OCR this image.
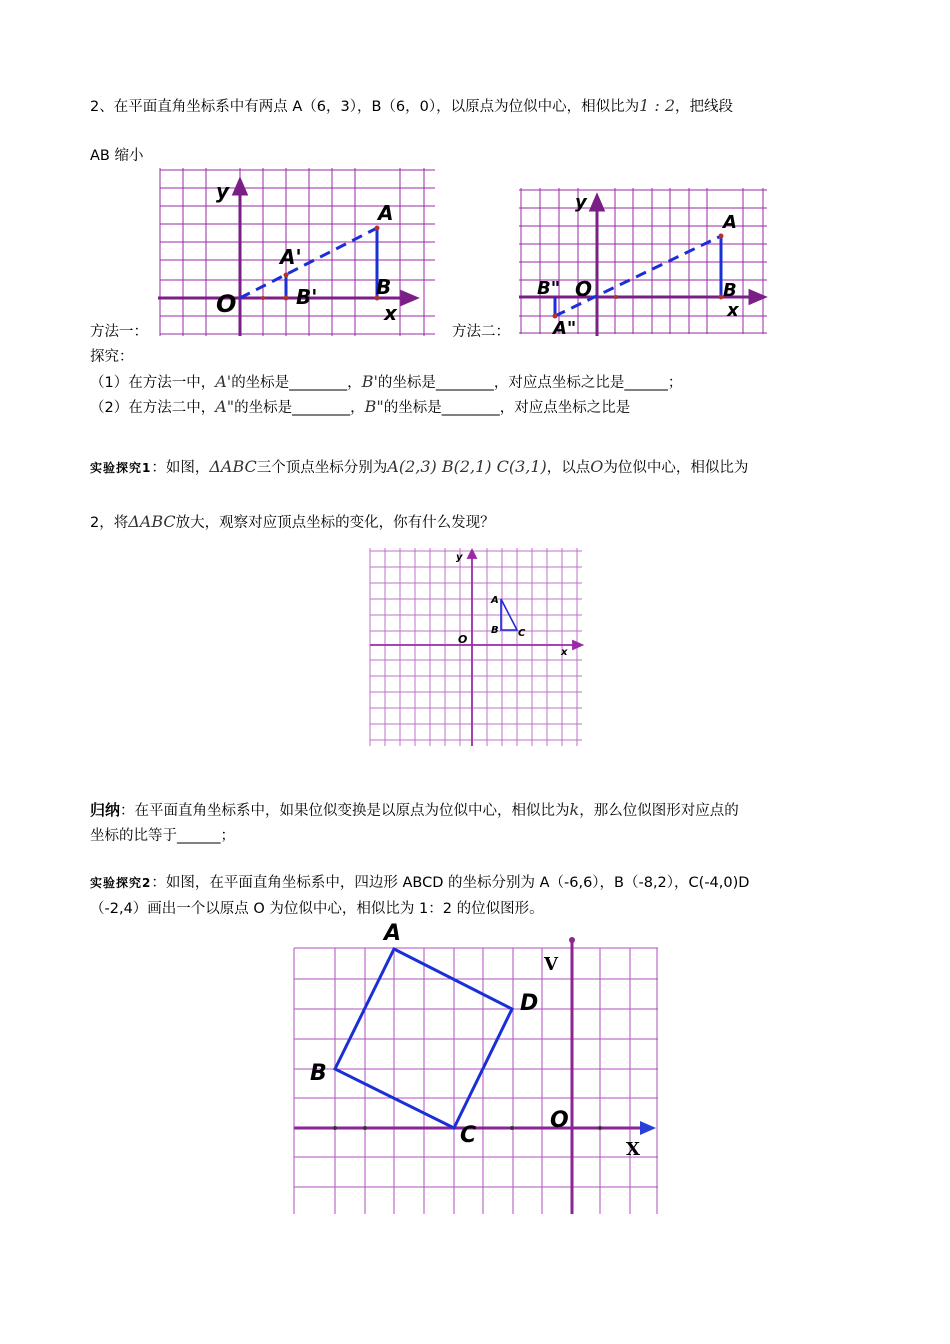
2、在平面直角坐标系中有两点 A（6，3），B（6，0），以原点为位似中心，相似比为1 : 2，把线段
AB 缩小
y
A
A'
O	B'	B
x
方法一：
y
A
B" O	B
A"
x
方法二：
探究：
（1）在方法一中，A'的坐标是________，B'的坐标是________，对应点坐标之比是______；
（2）在方法二中，A"的坐标是________，B"的坐标是________，对应点坐标之比是
实验探究1：如图，ΔABC三个顶点坐标分别为A(2,3) B(2,1) C(3,1)，以点O为位似中心，相似比为
2，将ΔABC放大，观察对应顶点坐标的变化，你有什么发现？
y
A
B C
O
x
归纳：在平面直角坐标系中，如果位似变换是以原点为位似中心，相似比为k，那么位似图形对应点的
坐标的比等于______；
实验探究2：如图，在平面直角坐标系中，四边形 ABCD 的坐标分别为 A（-6,6），B（-8,2），C(-4,0)D
（-2,4）画出一个以原点 O 为位似中心，相似比为 1：2 的位似图形。
A
V
D
B
O
C
X
